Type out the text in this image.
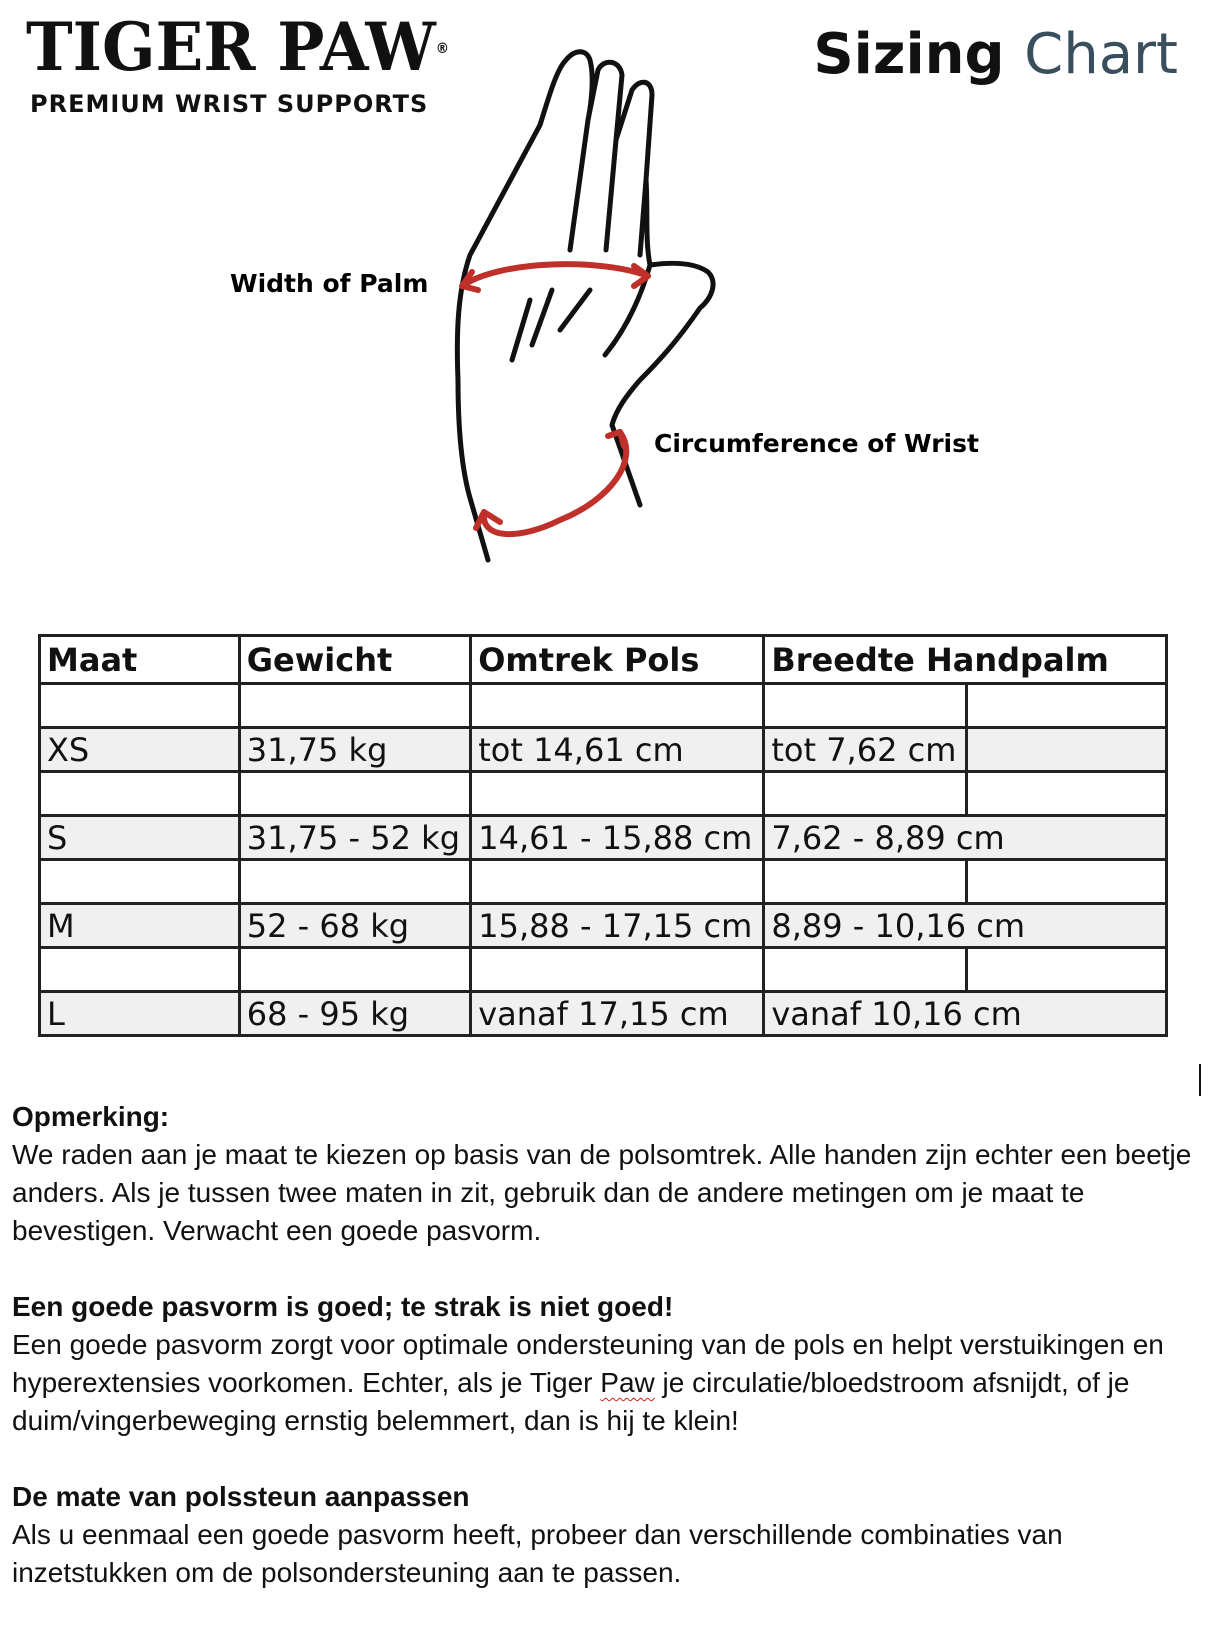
TIGER PAW®
PREMIUM WRIST SUPPORTS
Sizing Chart
Width of Palm
Circumference of Wrist
Maat	Gewicht	Omtrek Pols	Breedte Handpalm	

XS	31,75 kg	tot 14,61 cm	tot 7,62 cm	

S	31,75 - 52 kg	14,61 - 15,88 cm	7,62 - 8,89 cm	

M	52 - 68 kg	15,88 - 17,15 cm	8,89 - 10,16 cm	

L	68 - 95 kg	vanaf 17,15 cm	vanaf 10,16 cm	

Opmerking:
We raden aan je maat te kiezen op basis van de polsomtrek. Alle handen zijn echter een beetje anders. Als je tussen twee maten in zit, gebruik dan de andere metingen om je maat te bevestigen. Verwacht een goede pasvorm.

Een goede pasvorm is goed; te strak is niet goed!
Een goede pasvorm zorgt voor optimale ondersteuning van de pols en helpt verstuikingen en hyperextensies voorkomen. Echter, als je Tiger Paw je circulatie/bloedstroom afsnijdt, of je duim/vingerbeweging ernstig belemmert, dan is hij te klein!

De mate van polssteun aanpassen
Als u eenmaal een goede pasvorm heeft, probeer dan verschillende combinaties van inzetstukken om de polsondersteuning aan te passen.
